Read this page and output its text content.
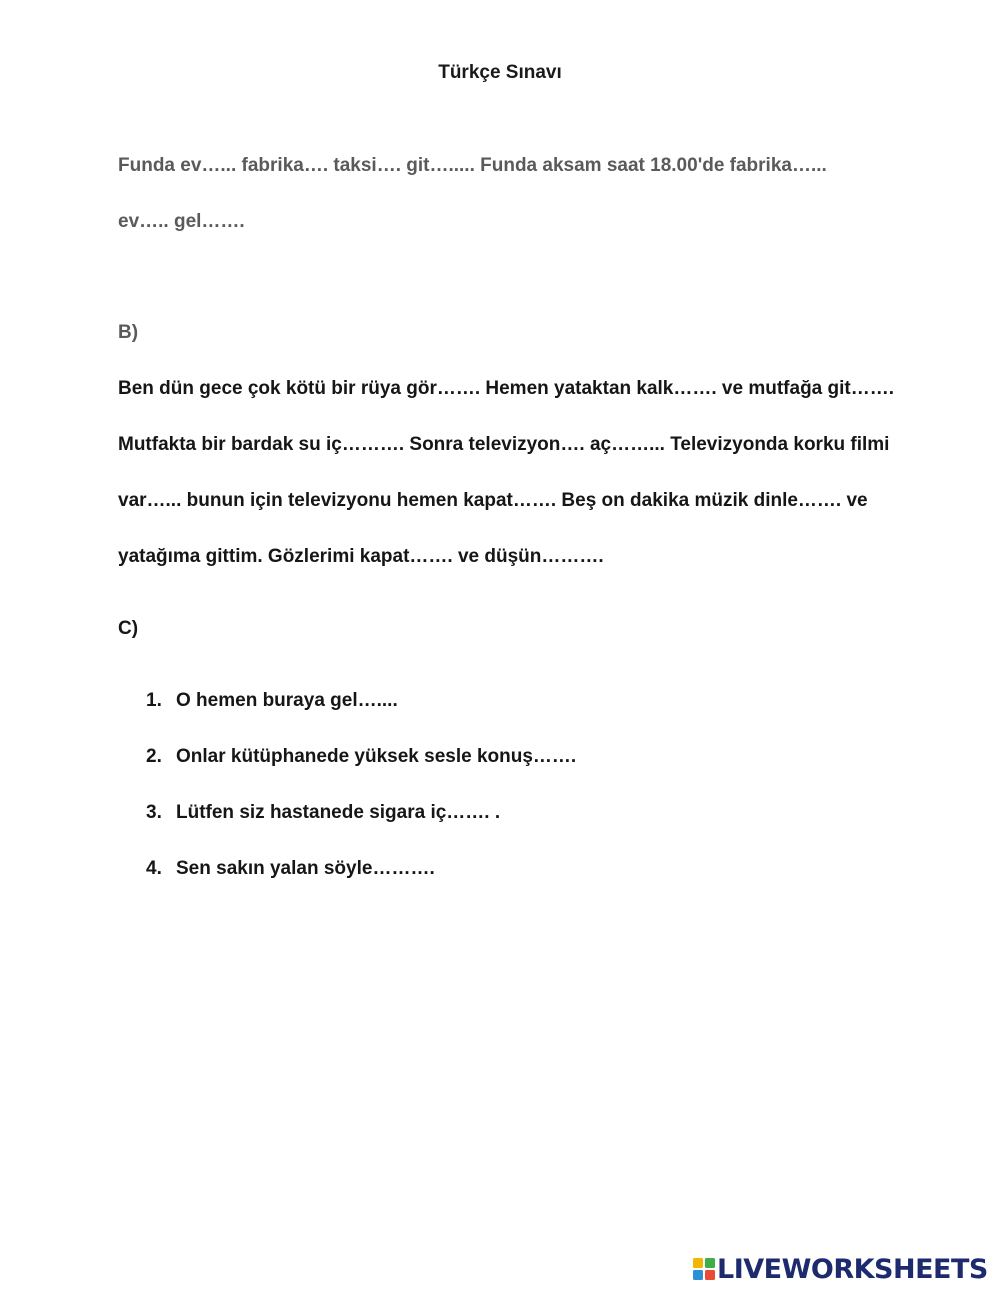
Türkçe Sınavı
Funda ev…... fabrika…. taksi…. git…..... Funda aksam saat 18.00'de fabrika…...
ev….. gel…….
B)
Ben dün gece çok kötü bir rüya gör……. Hemen yataktan kalk……. ve mutfağa git…….
Mutfakta bir bardak su iç………. Sonra televizyon…. aç……... Televizyonda korku filmi
var…... bunun için televizyonu hemen kapat……. Beş on dakika müzik dinle……. ve
yatağıma gittim. Gözlerimi kapat……. ve düşün……….
C)
1. O hemen buraya gel…....
2. Onlar kütüphanede yüksek sesle konuş…….
3. Lütfen siz hastanede sigara iç……. .
4. Sen sakın yalan söyle……….
LIVEWORKSHEETS
